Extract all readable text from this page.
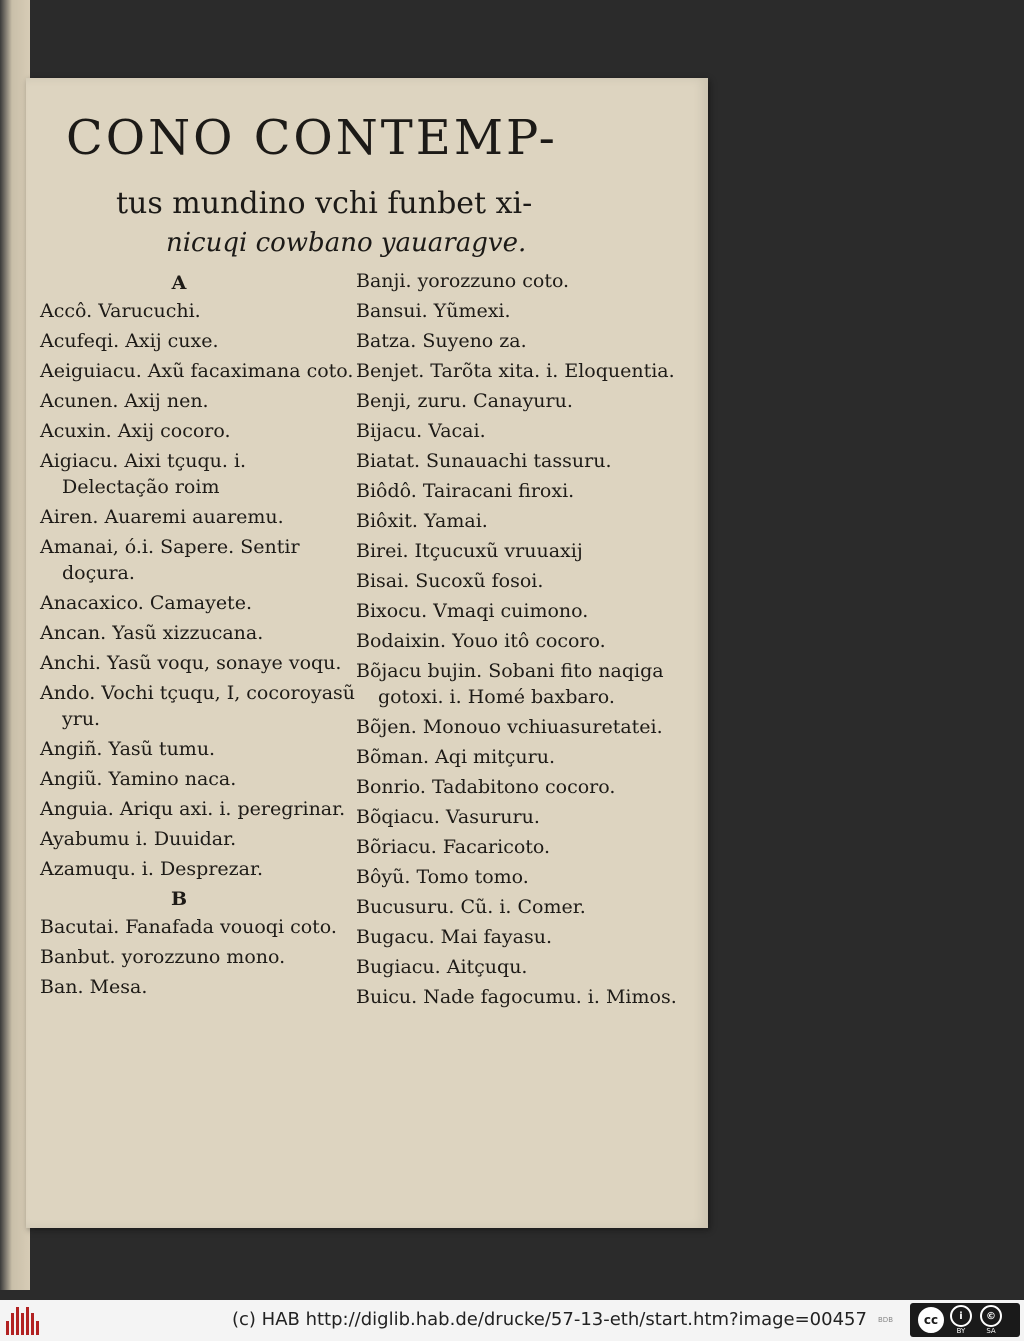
CONO CONTEMP-
tus mundino vchi funbet xi-
nicuqi cowbano yauaragve.
A
Accô. Varucuchi.
Acufeqi. Axij cuxe.
Aeiguiacu. Axũ facaximana coto.
Acunen. Axij nen.
Acuxin. Axij cocoro.
Aigiacu. Aixi tçuqu. i. Delectação roim
Airen. Auaremi auaremu.
Amanai, ó.i. Sapere. Sentir doçura.
Anacaxico. Camayete.
Ancan. Yasũ xizzucana.
Anchi. Yasũ voqu, sonaye voqu.
Ando. Vochi tçuqu, I, cocoroyasũ yru.
Angiñ. Yasũ tumu.
Angiũ. Yamino naca.
Anguia. Ariqu axi. i. peregrinar.
Ayabumu i. Duuidar.
Azamuqu. i. Desprezar.
B
Bacutai. Fanafada vouoqi coto.
Banbut. yorozzuno mono.
Ban. Mesa.
Banji. yorozzuno coto.
Bansui. Yũmexi.
Batza. Suyeno za.
Benjet. Tarõta xita. i. Eloquentia.
Benji, zuru. Canayuru.
Bijacu. Vacai.
Biatat. Sunauachi tassuru.
Biôdô. Tairacani firoxi.
Biôxit. Yamai.
Birei. Itçucuxũ vruuaxij
Bisai. Sucoxũ fosoi.
Bixocu. Vmaqi cuimono.
Bodaixin. Youo itô cocoro.
Bõjacu bujin. Sobani fito naqiga gotoxi. i. Homé baxbaro.
Bõjen. Monouo vchiuasuretatei.
Bõman. Aqi mitçuru.
Bonrio. Tadabitono cocoro.
Bõqiacu. Vasururu.
Bõriacu. Facaricoto.
Bôyũ. Tomo tomo.
Bucusuru. Cũ. i. Comer.
Bugacu. Mai fayasu.
Bugiacu. Aitçuqu.
Buicu. Nade fagocumu. i. Mimos.
(c) HAB http://diglib.hab.de/drucke/57-13-eth/start.htm?image=00457 BDB	cc	i
BY
©
SA
